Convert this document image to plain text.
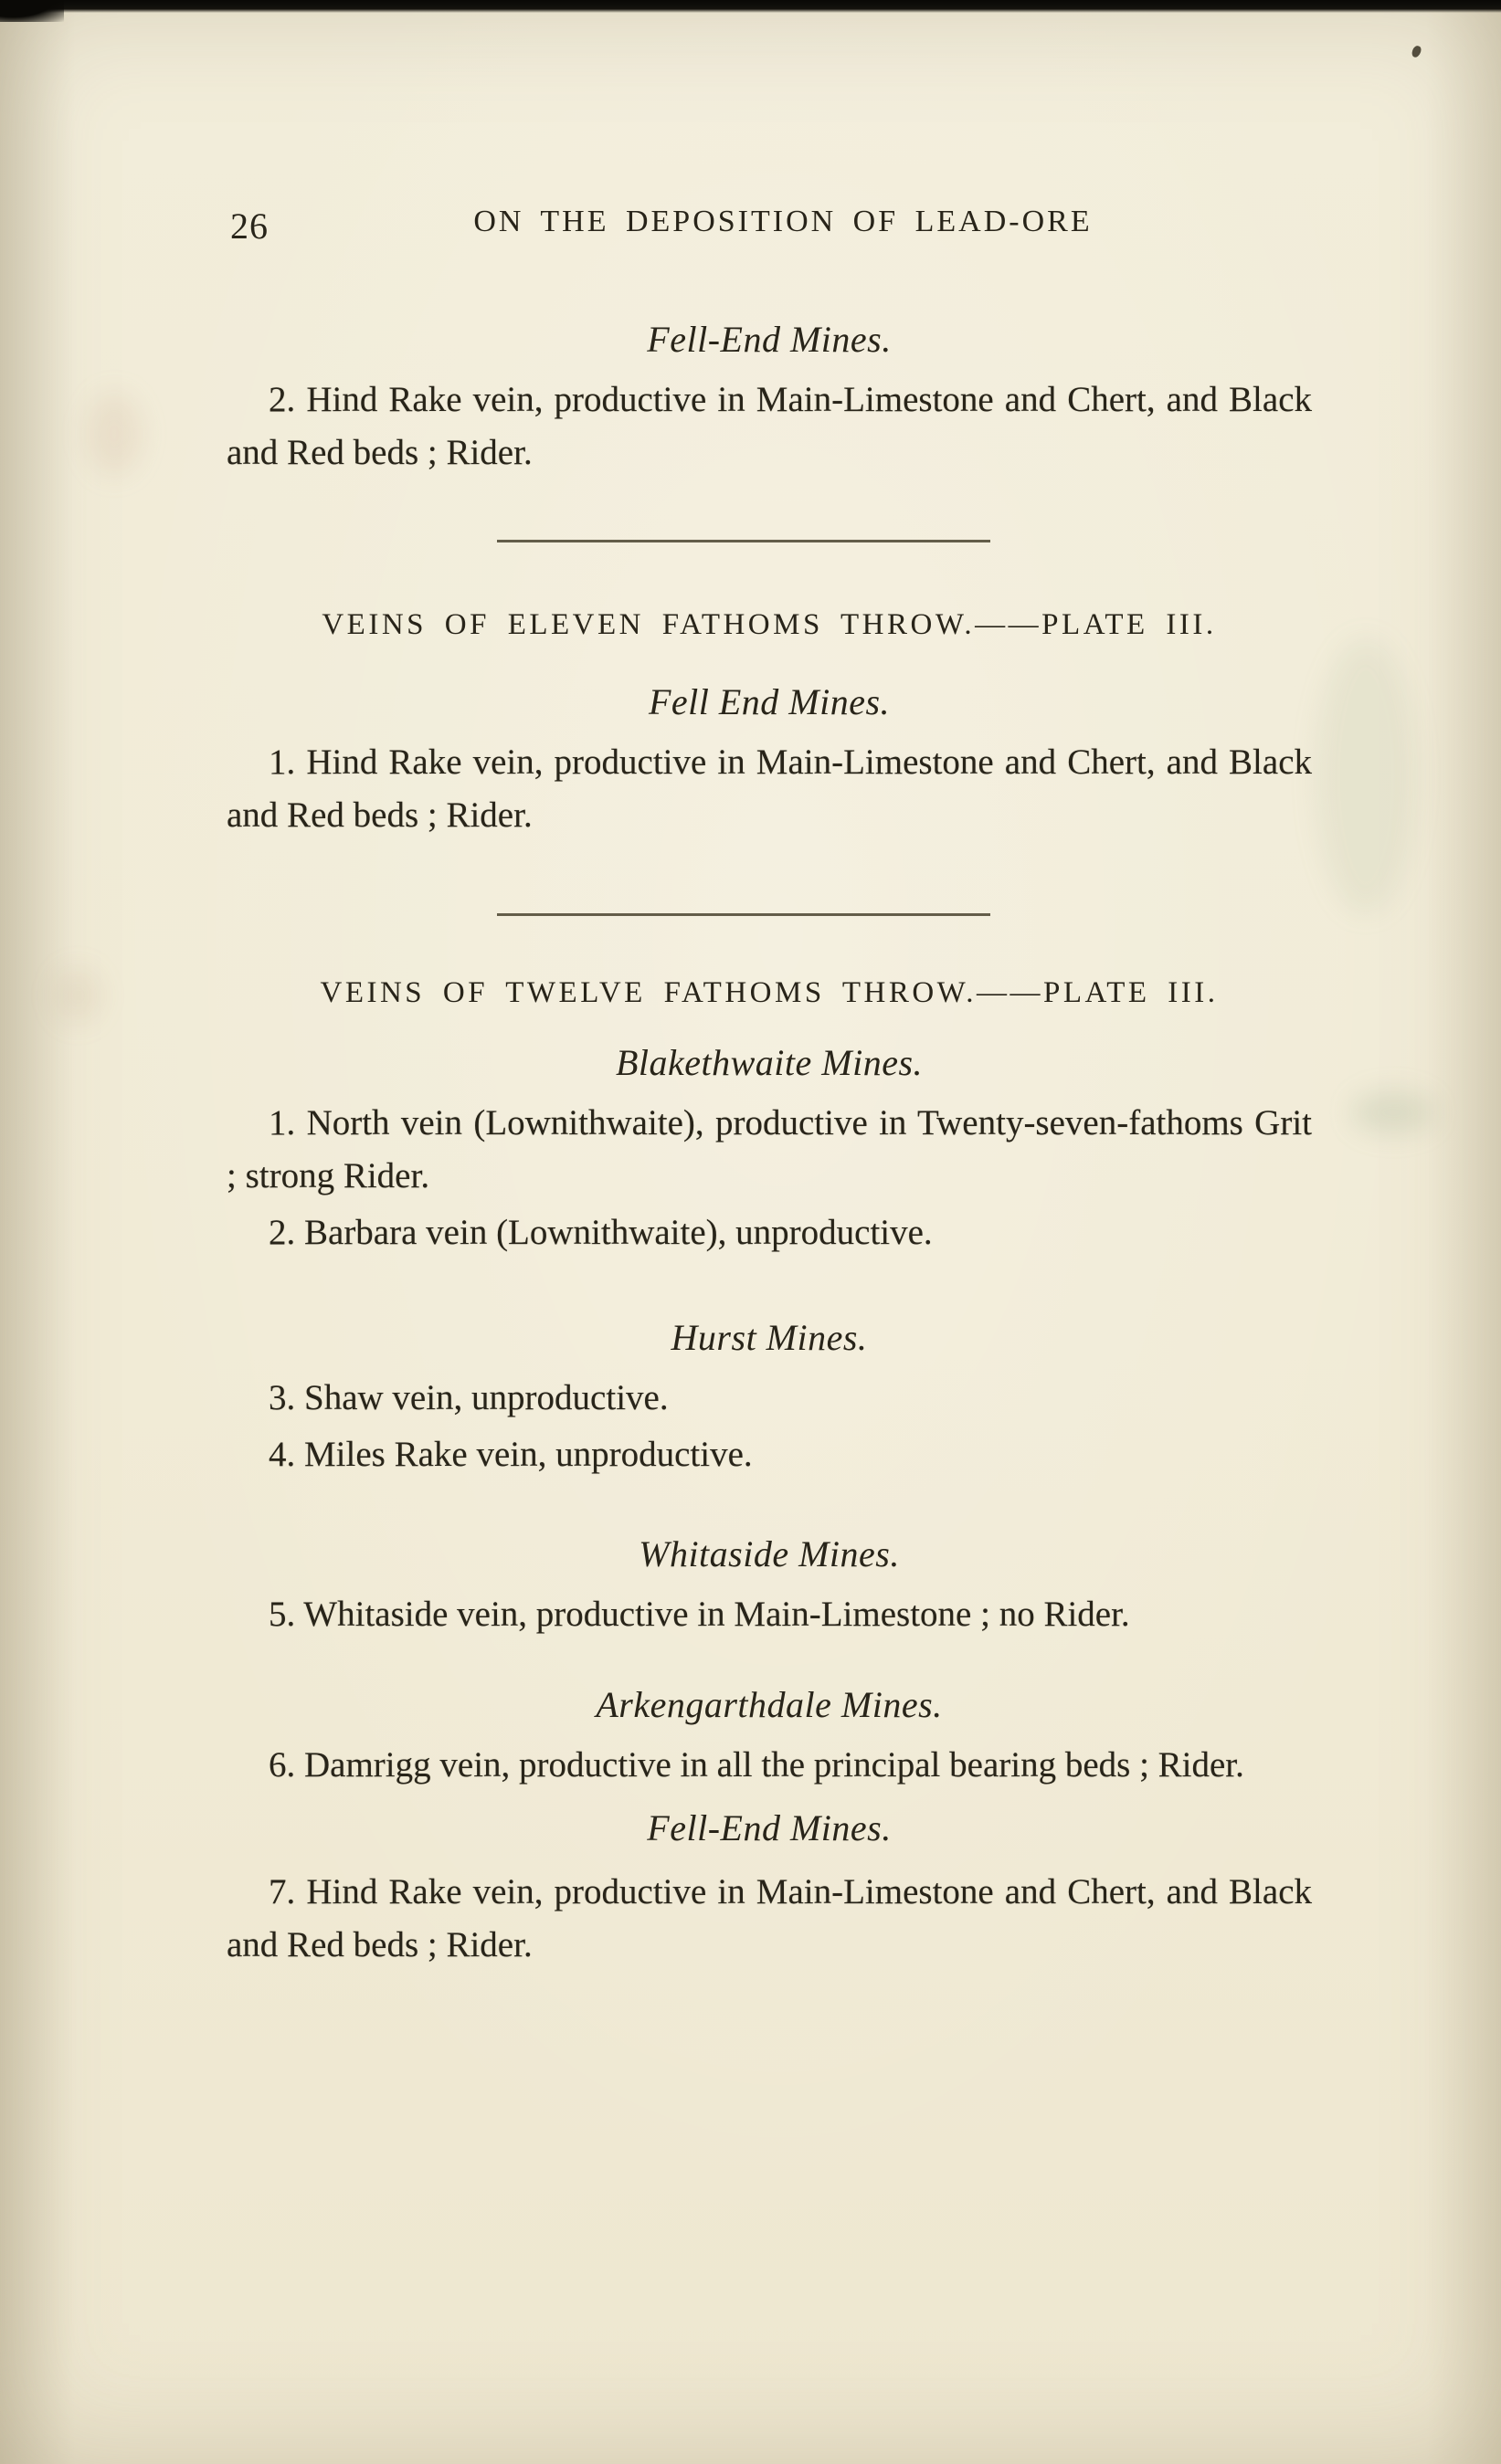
26	ON THE DEPOSITION OF LEAD-ORE
Fell-End Mines.

2. Hind Rake vein, productive in Main-Limestone and Chert, and Black and Red beds ; Rider.

VEINS OF ELEVEN FATHOMS THROW.——PLATE III.
Fell End Mines.

1. Hind Rake vein, productive in Main-Limestone and Chert, and Black and Red beds ; Rider.

VEINS OF TWELVE FATHOMS THROW.——PLATE III.
Blakethwaite Mines.

1. North vein (Lownithwaite), productive in Twenty-seven-fathoms Grit ; strong Rider.

2. Barbara vein (Lownithwaite), unproductive.

Hurst Mines.

3. Shaw vein, unproductive.

4. Miles Rake vein, unproductive.

Whitaside Mines.

5. Whitaside vein, productive in Main-Limestone ; no Rider.

Arkengarthdale Mines.

6. Damrigg vein, productive in all the principal bearing beds ; Rider.

Fell-End Mines.

7. Hind Rake vein, productive in Main-Limestone and Chert, and Black and Red beds ; Rider.
